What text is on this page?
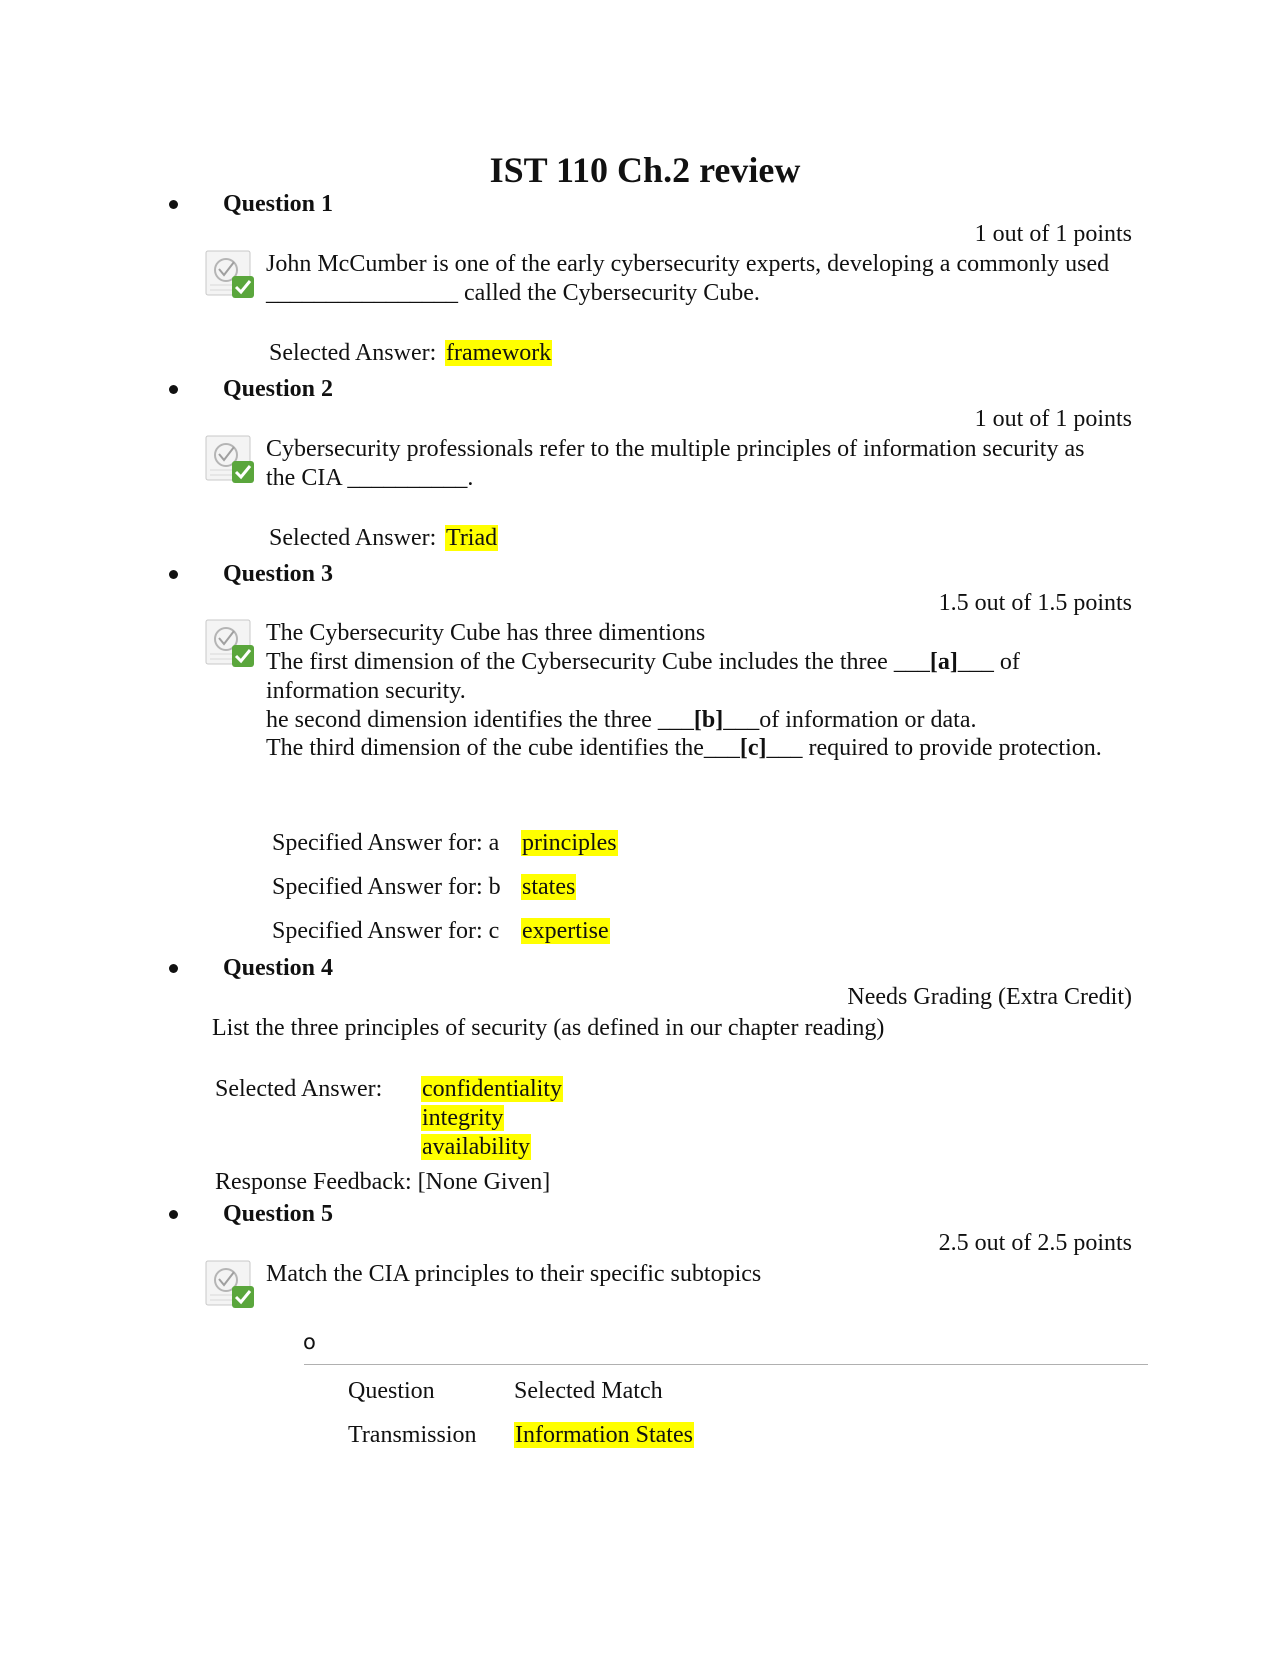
IST 110 Ch.2 review
Question 1
1 out of 1 points
John McCumber is one of the early cybersecurity experts, developing a commonly used
________________ called the Cybersecurity Cube.
Selected Answer: framework
Question 2
1 out of 1 points
Cybersecurity professionals refer to the multiple principles of information security as
the CIA __________.
Selected Answer: Triad
Question 3
1.5 out of 1.5 points
The Cybersecurity Cube has three dimentions
The first dimension of the Cybersecurity Cube includes the three ___[a]___ of
information security.
he second dimension identifies the three ___[b]___of information or data.
The third dimension of the cube identifies the___[c]___ required to provide protection.
Specified Answer for: a principles
Specified Answer for: b states
Specified Answer for: c expertise
Question 4
Needs Grading (Extra Credit)
List the three principles of security (as defined in our chapter reading)
Selected Answer: confidentiality
integrity
availability
Response Feedback: [None Given]
Question 5
2.5 out of 2.5 points
Match the CIA principles to their specific subtopics
o
Question	Selected Match
Transmission Information States
